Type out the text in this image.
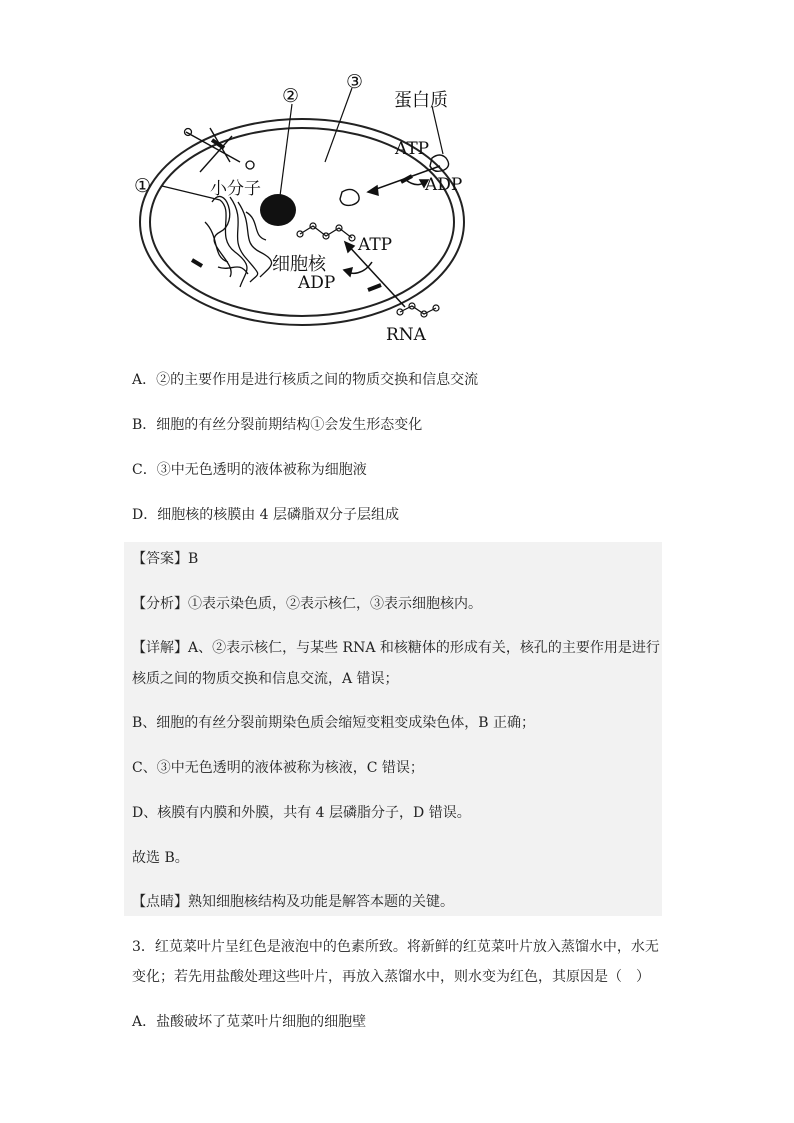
①
②
③
蛋白质
ATP
ADP
小分子
细胞核
ATP
ADP
RNA
A．②的主要作用是进行核质之间的物质交换和信息交流
B．细胞的有丝分裂前期结构①会发生形态变化
C．③中无色透明的液体被称为细胞液
D．细胞核的核膜由 4 层磷脂双分子层组成
【答案】B
【分析】①表示染色质，②表示核仁，③表示细胞核内。
【详解】A、②表示核仁，与某些 RNA 和核糖体的形成有关，核孔的主要作用是进行
核质之间的物质交换和信息交流，A 错误；
B、细胞的有丝分裂前期染色质会缩短变粗变成染色体，B 正确；
C、③中无色透明的液体被称为核液，C 错误；
D、核膜有内膜和外膜，共有 4 层磷脂分子，D 错误。
故选 B。
【点睛】熟知细胞核结构及功能是解答本题的关键。
3．红苋菜叶片呈红色是液泡中的色素所致。将新鲜的红苋菜叶片放入蒸馏水中，水无
变化；若先用盐酸处理这些叶片，再放入蒸馏水中，则水变为红色，其原因是（　）
A．盐酸破坏了苋菜叶片细胞的细胞壁
